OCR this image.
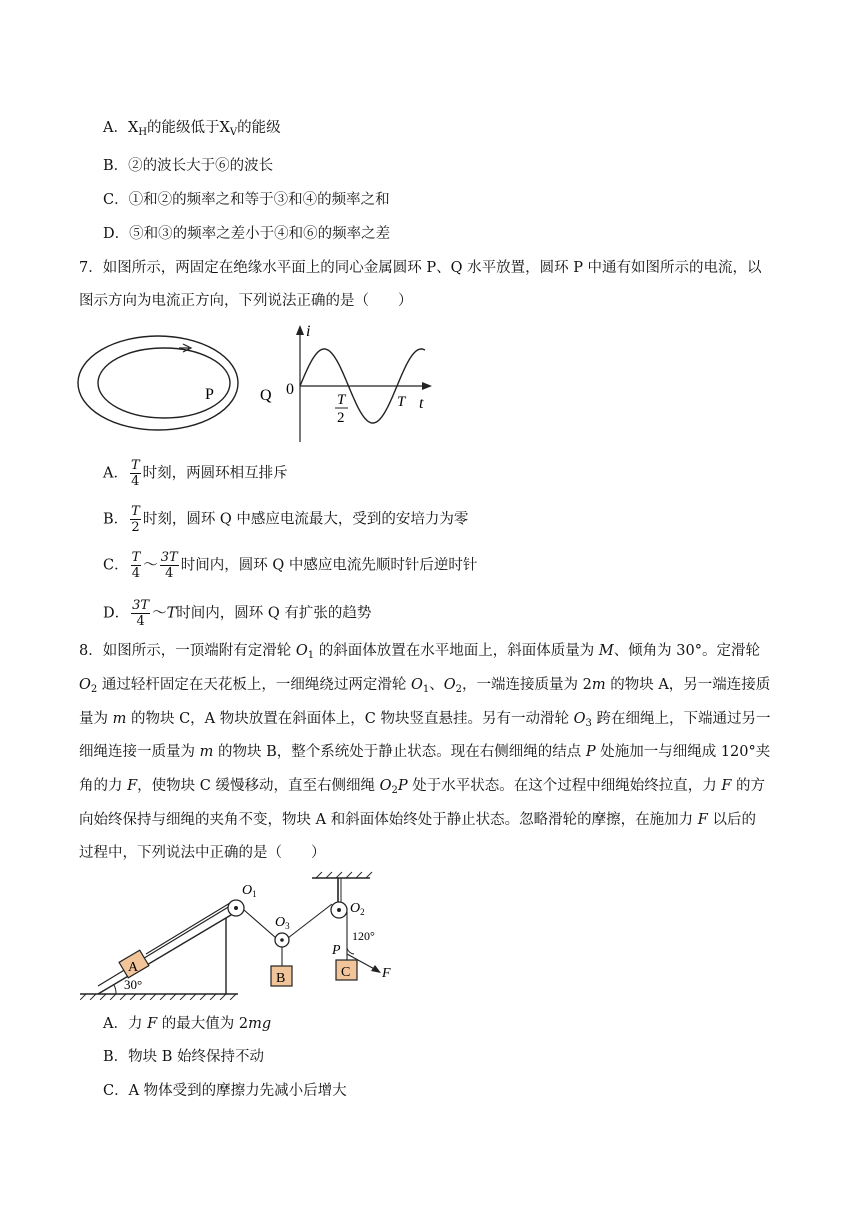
A．$X_H$的能级低于$X_V$的能级
B．②的波长大于⑥的波长
C．①和②的频率之和等于③和④的频率之和
D．⑤和③的频率之差小于④和⑥的频率之差
7．如图所示，两固定在绝缘水平面上的同心金属圆环 P、Q 水平放置，圆环 P 中通有如图所示的电流，以
图示方向为电流正方向，下列说法正确的是（　　）
P	Q
i
t
0
T
2
T
A． $\frac{T}{4}$ 时刻，两圆环相互排斥
B． $\frac{T}{2}$ 时刻，圆环 Q 中感应电流最大，受到的安培力为零
C． $\frac{T}{4}$ ～ $\frac{3T}{4}$ 时间内，圆环 Q 中感应电流先顺时针后逆时针
D． $\frac{3T}{4}$ ～T时间内，圆环 Q 有扩张的趋势
8．如图所示，一顶端附有定滑轮 $O_1$ 的斜面体放置在水平地面上，斜面体质量为 M、倾角为 30°。定滑轮
$O_2$ 通过轻杆固定在天花板上，一细绳绕过两定滑轮 $O_1$、$O_2$，一端连接质量为 2m 的物块 A，另一端连接质
量为 m 的物块 C，A 物块放置在斜面体上，C 物块竖直悬挂。另有一动滑轮 $O_3$ 跨在细绳上，下端通过另一
细绳连接一质量为 m 的物块 B，整个系统处于静止状态。现在右侧细绳的结点 P 处施加一与细绳成 120°夹
角的力 F，使物块 C 缓慢移动，直至右侧细绳 $O_2P$ 处于水平状态。在这个过程中细绳始终拉直，力 F 的方
向始终保持与细绳的夹角不变，物块 A 和斜面体始终处于静止状态。忽略滑轮的摩擦，在施加力 F 以后的
过程中，下列说法中正确的是（　　）
30°
A
$O_1$
$O_3$
B
$O_2$
P
120°
F
C
A．力 F 的最大值为 2mg
B．物块 B 始终保持不动
C．A 物体受到的摩擦力先减小后增大
